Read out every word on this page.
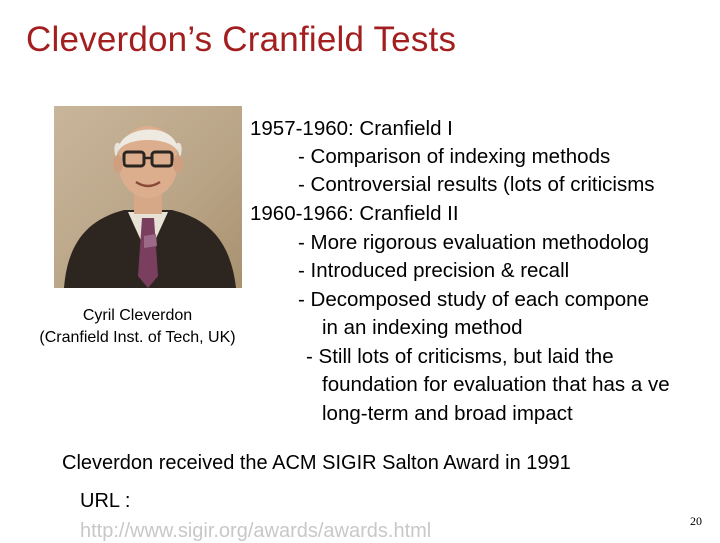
Cleverdon’s Cranfield Tests
Cyril Cleverdon
(Cranfield Inst. of Tech, UK)
1957-1960: Cranfield I
- Comparison of indexing methods
- Controversial results (lots of criticisms
1960-1966: Cranfield II
- More rigorous evaluation methodolog
- Introduced precision & recall
- Decomposed study of each compone
in an indexing method
- Still lots of criticisms, but laid the
foundation for evaluation that has a ve
long-term and broad impact
Cleverdon received the ACM SIGIR Salton Award in 1991
URL :
http://www.sigir.org/awards/awards.html	20
